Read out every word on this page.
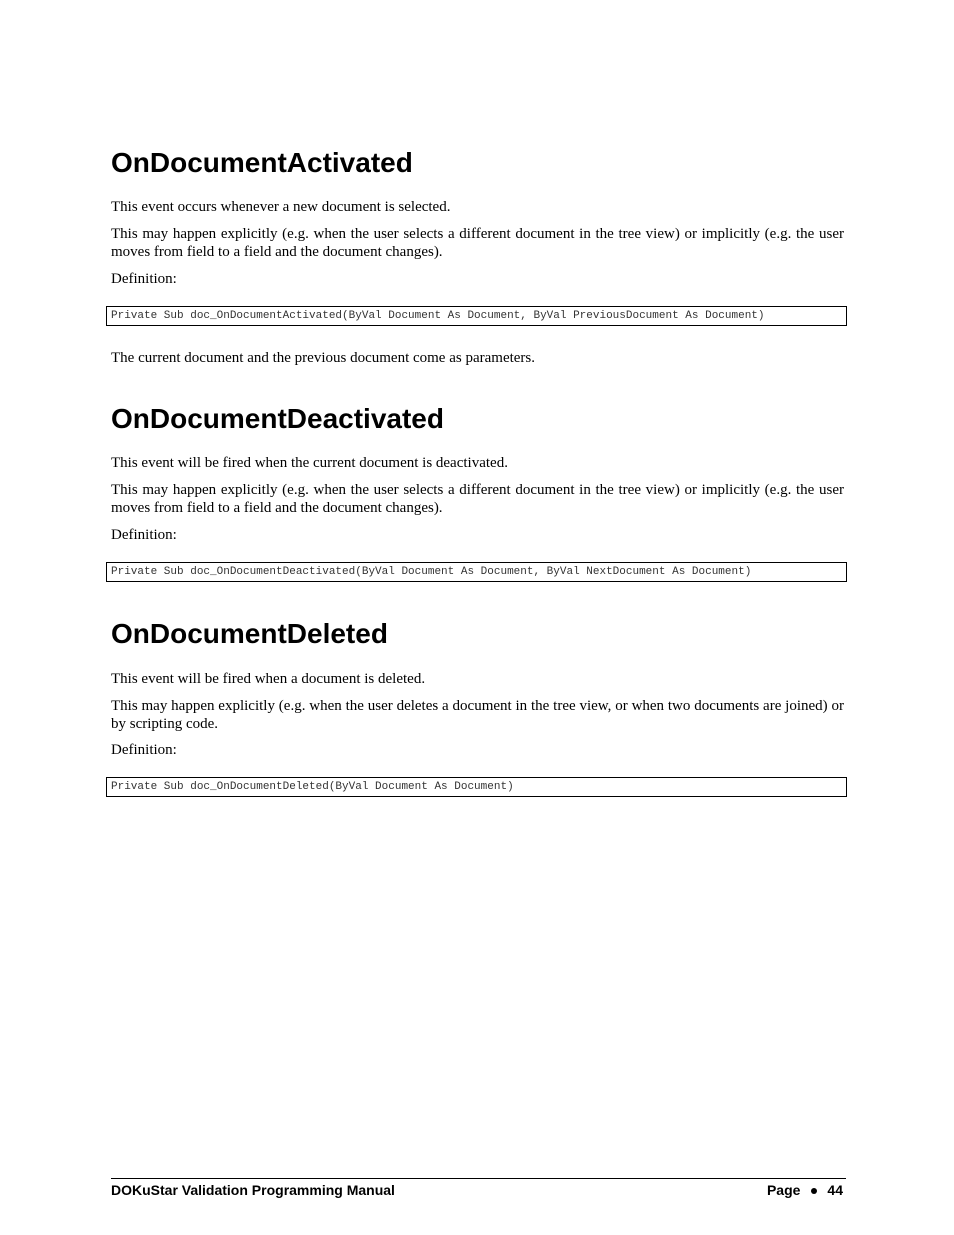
OnDocumentActivated

This event occurs whenever a new document is selected.

This may happen explicitly (e.g. when the user selects a different document in the tree view) or implicitly (e.g. the user moves from field to a field and the document changes).

Definition:

Private Sub doc_OnDocumentActivated(ByVal Document As Document, ByVal PreviousDocument As Document)

The current document and the previous document come as parameters.

OnDocumentDeactivated

This event will be fired when the current document is deactivated.

This may happen explicitly (e.g. when the user selects a different document in the tree view) or implicitly (e.g. the user moves from field to a field and the document changes).

Definition:

Private Sub doc_OnDocumentDeactivated(ByVal Document As Document, ByVal NextDocument As Document)
OnDocumentDeleted

This event will be fired when a document is deleted.

This may happen explicitly (e.g. when the user deletes a document in the tree view, or when two documents are joined) or by scripting code.

Definition:

Private Sub doc_OnDocumentDeleted(ByVal Document As Document)
DOKuStar Validation Programming Manual	Page 44
